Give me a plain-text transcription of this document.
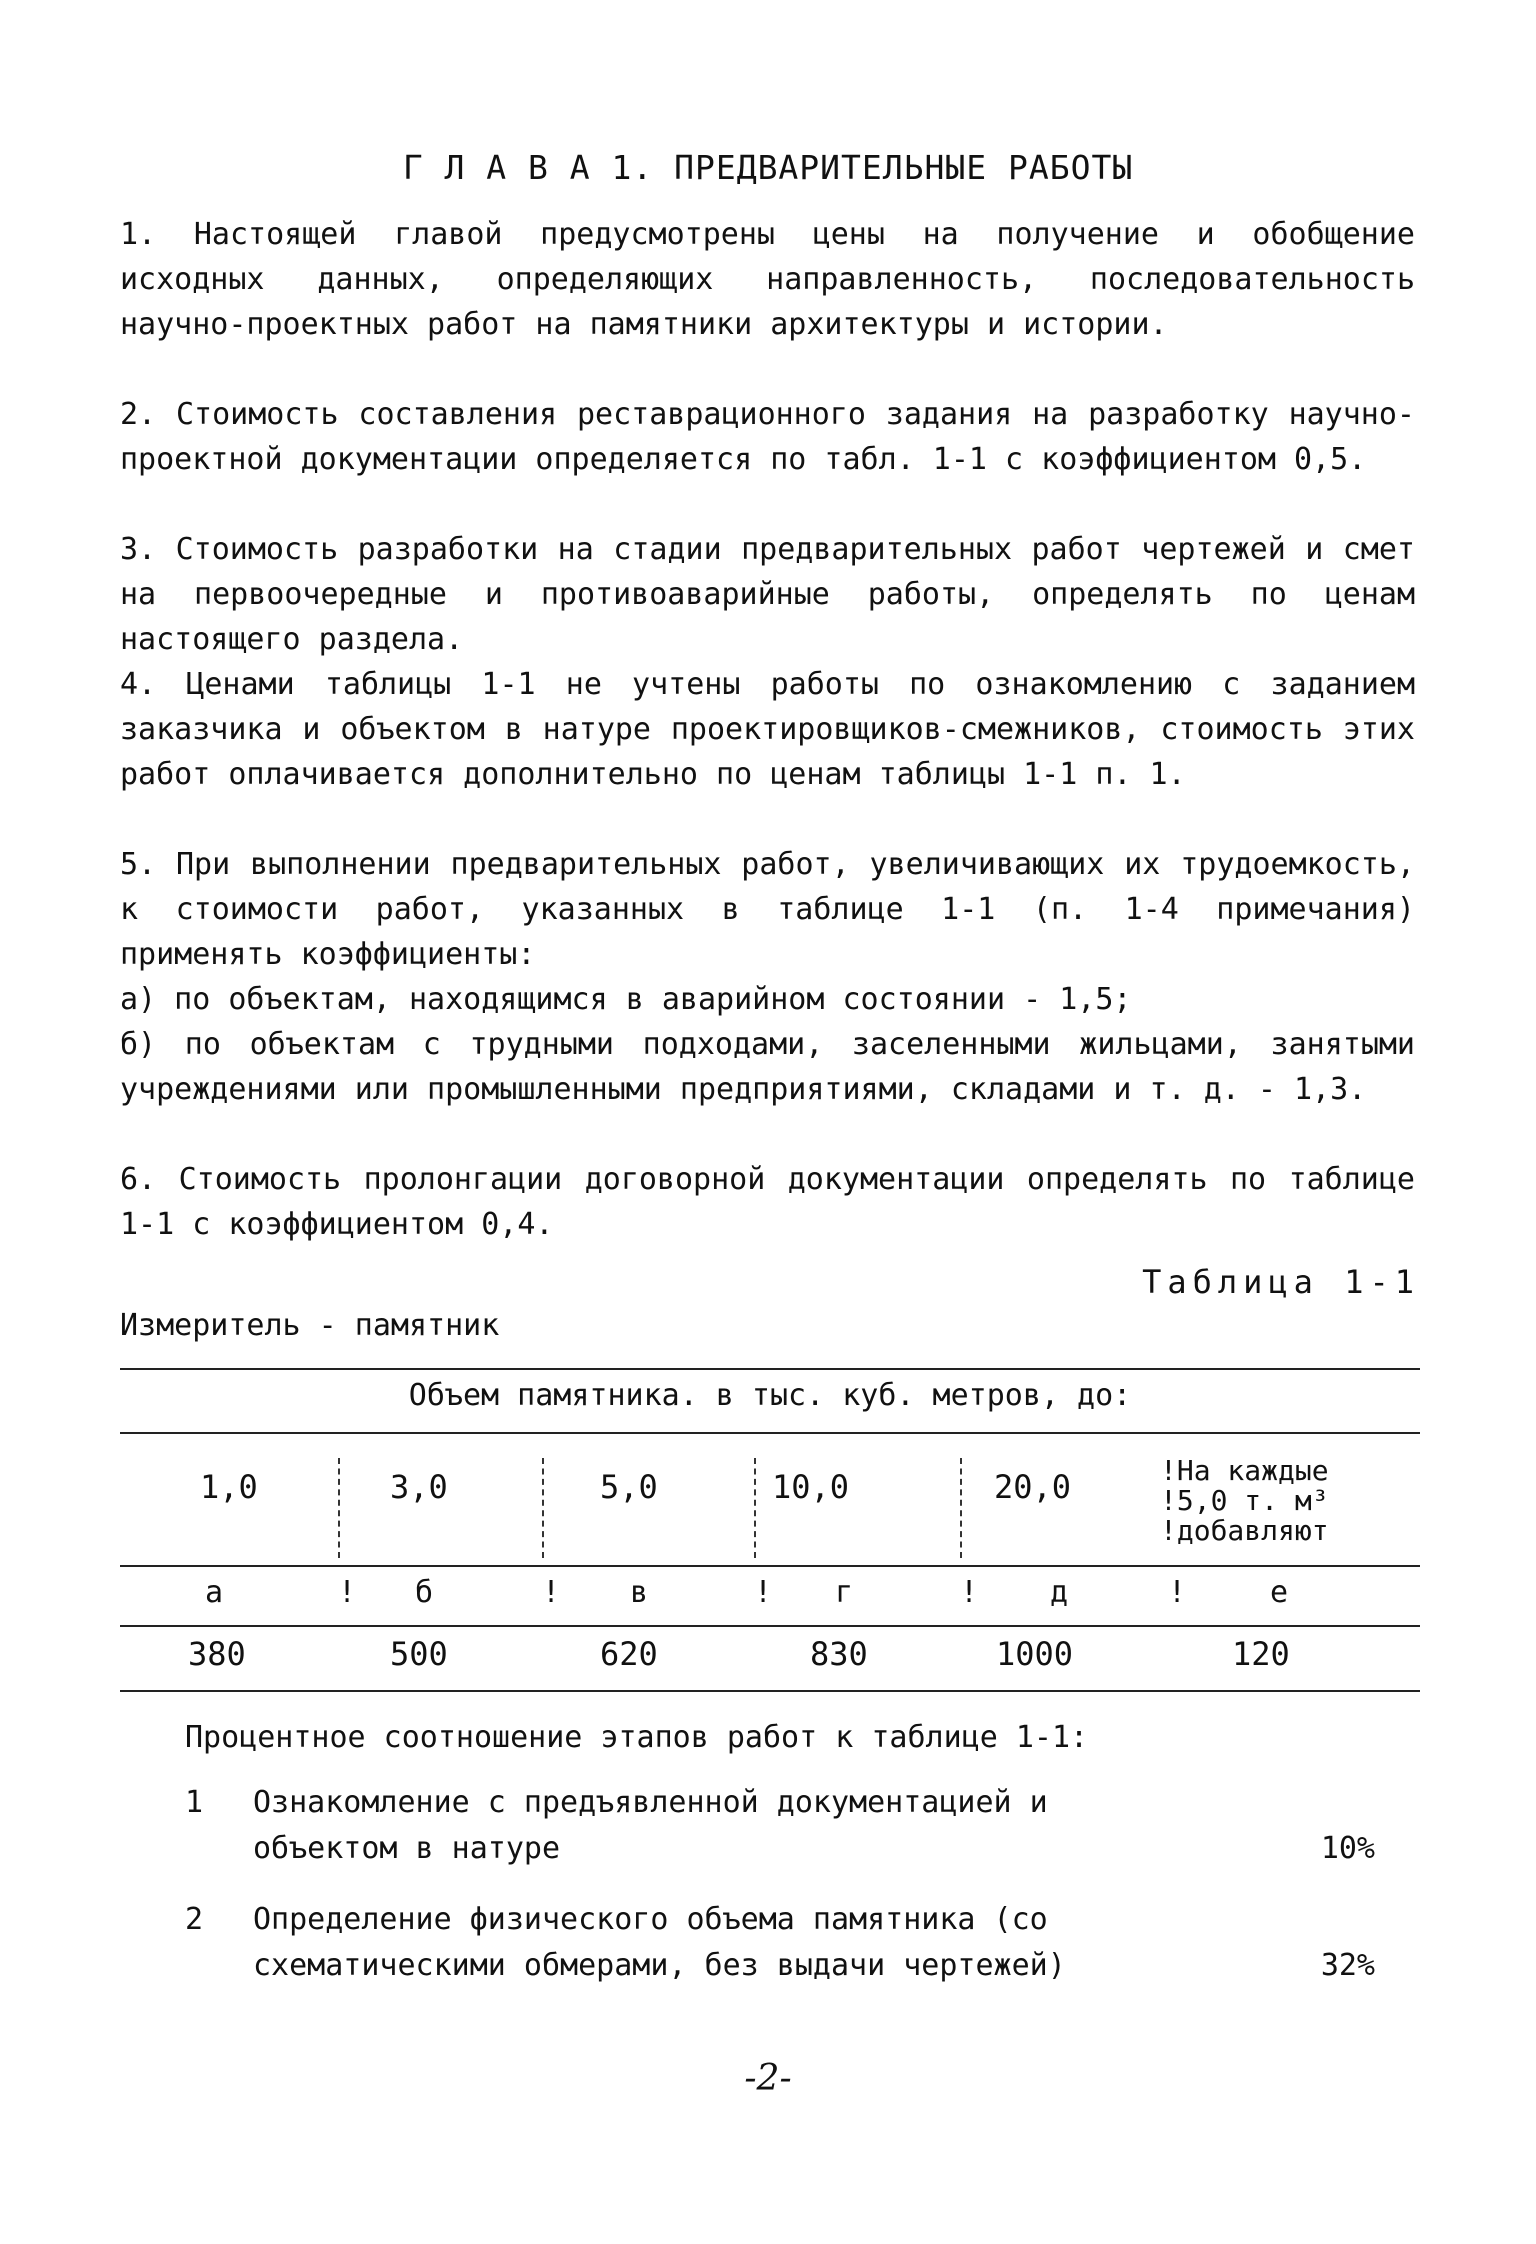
Г Л А В А 1. ПРЕДВАРИТЕЛЬНЫЕ РАБОТЫ

1. Настоящей главой предусмотрены цены на получение и обобщение исходных данных, определяющих направленность, последовательность научно-проектных работ на памятники архитектуры и истории.

2. Стоимость составления реставрационного задания на разработку научно-проектной документации определяется по табл. 1-1 с коэффициентом 0,5.

3. Стоимость разработки на стадии предварительных работ чертежей и смет на первоочередные и противоаварийные работы, определять по ценам настоящего раздела.

4. Ценами таблицы 1-1 не учтены работы по ознакомлению с заданием заказчика и объектом в натуре проектировщиков-смежников, стоимость этих работ оплачивается дополнительно по ценам таблицы 1-1 п. 1.

5. При выполнении предварительных работ, увеличивающих их трудоемкость, к стоимости работ, указанных в таблице 1-1 (п. 1-4 примечания) применять коэффициенты:

а) по объектам, находящимся в аварийном состоянии - 1,5;

б) по объектам с трудными подходами, заселенными жильцами, занятыми учреждениями или промышленными предприятиями, складами и т. д. - 1,3.

6. Стоимость пролонгации договорной документации определять по таблице 1-1 с коэффициентом 0,4.

Таблица 1-1
Измеритель - памятник
Объем памятника. в тыс. куб. метров, до:
1,0	3,0	5,0	10,0	20,0	!На каждые
!5,0 т. м³
!добавляют
а	! б	! в	! г	! д	!	е
380	500	620	830	1000	120
Процентное соотношение этапов работ к таблице 1-1:
1 Ознакомление с предъявленной документацией и
объектом в натуре	10%
2 Определение физического объема памятника (со
схематическими обмерами, без выдачи чертежей)	32%
-2-
